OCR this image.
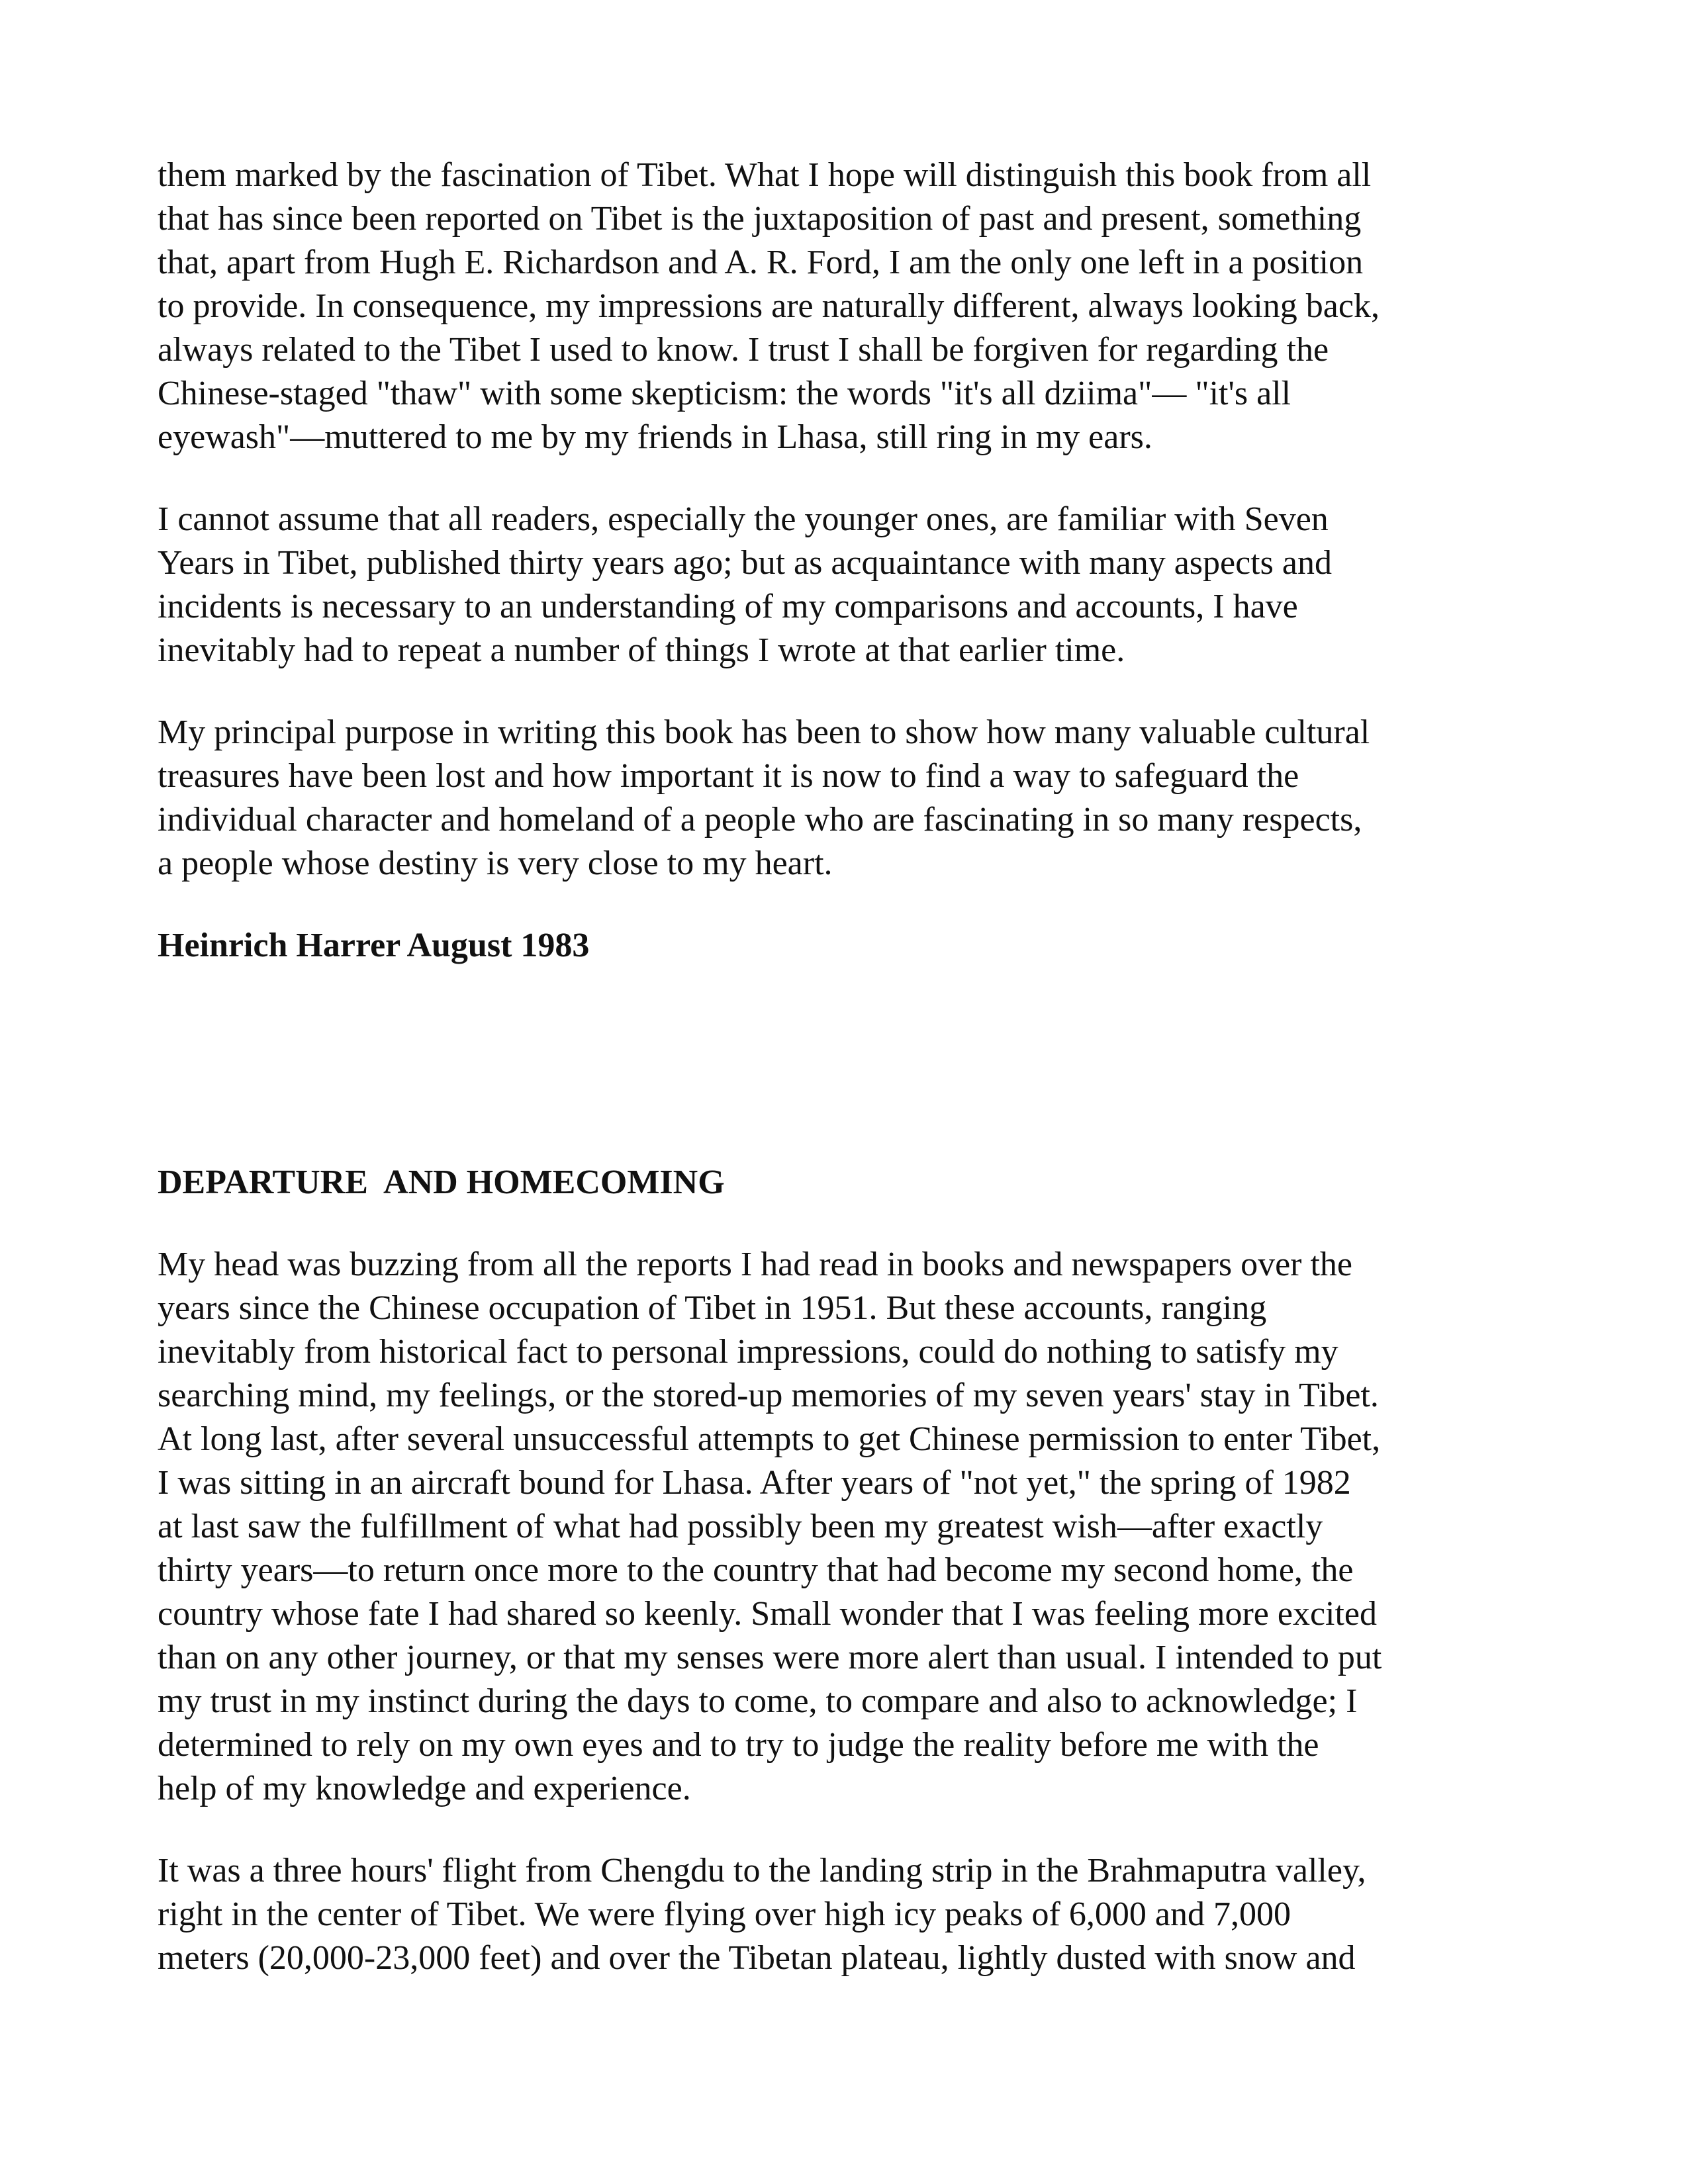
them marked by the fascination of Tibet. What I hope will distinguish this book from all
that has since been reported on Tibet is the juxtaposition of past and present, something
that, apart from Hugh E. Richardson and A. R. Ford, I am the only one left in a position
to provide. In consequence, my impressions are naturally different, always looking back,
always related to the Tibet I used to know. I trust I shall be forgiven for regarding the
Chinese-staged "thaw" with some skepticism: the words "it's all dziima"— "it's all
eyewash"—muttered to me by my friends in Lhasa, still ring in my ears.
I cannot assume that all readers, especially the younger ones, are familiar with Seven
Years in Tibet, published thirty years ago; but as acquaintance with many aspects and
incidents is necessary to an understanding of my comparisons and accounts, I have
inevitably had to repeat a number of things I wrote at that earlier time.
My principal purpose in writing this book has been to show how many valuable cultural
treasures have been lost and how important it is now to find a way to safeguard the
individual character and homeland of a people who are fascinating in so many respects,
a people whose destiny is very close to my heart.

Heinrich Harrer August 1983

DEPARTURE  AND HOMECOMING
My head was buzzing from all the reports I had read in books and newspapers over the
years since the Chinese occupation of Tibet in 1951. But these accounts, ranging
inevitably from historical fact to personal impressions, could do nothing to satisfy my
searching mind, my feelings, or the stored-up memories of my seven years' stay in Tibet.
At long last, after several unsuccessful attempts to get Chinese permission to enter Tibet,
I was sitting in an aircraft bound for Lhasa. After years of "not yet," the spring of 1982
at last saw the fulfillment of what had possibly been my greatest wish—after exactly
thirty years—to return once more to the country that had become my second home, the
country whose fate I had shared so keenly. Small wonder that I was feeling more excited
than on any other journey, or that my senses were more alert than usual. I intended to put
my trust in my instinct during the days to come, to compare and also to acknowledge; I
determined to rely on my own eyes and to try to judge the reality before me with the
help of my knowledge and experience.
It was a three hours' flight from Chengdu to the landing strip in the Brahmaputra valley,
right in the center of Tibet. We were flying over high icy peaks of 6,000 and 7,000
meters (20,000-23,000 feet) and over the Tibetan plateau, lightly dusted with snow and
